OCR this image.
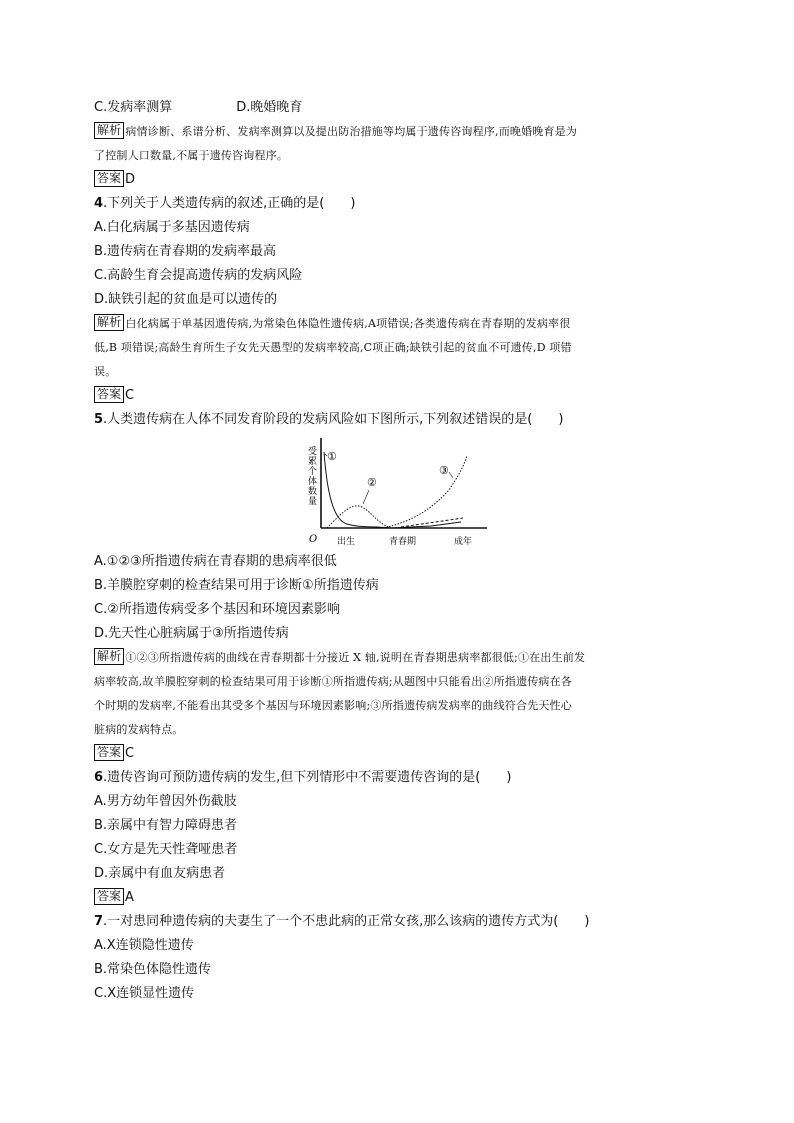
C.发病率测算	D.晚婚晚育
解析 病情诊断、系谱分析、发病率测算以及提出防治措施等均属于遗传咨询程序,而晚婚晚育是为
了控制人口数量,不属于遗传咨询程序。
答案 D
4.下列关于人类遗传病的叙述,正确的是(　　)
A.白化病属于多基因遗传病
B.遗传病在青春期的发病率最高
C.高龄生育会提高遗传病的发病风险
D.缺铁引起的贫血是可以遗传的
解析 白化病属于单基因遗传病,为常染色体隐性遗传病,A项错误;各类遗传病在青春期的发病率很
低,B 项错误;高龄生育所生子女先天愚型的发病率较高,C项正确;缺铁引起的贫血不可遗传,D 项错
误。
答案 C
5.人类遗传病在人体不同发育阶段的发病风险如下图所示,下列叙述错误的是(　　)
受累个体数量
O 出生	青春期	成年
①
②
③
A.①②③所指遗传病在青春期的患病率很低
B.羊膜腔穿刺的检查结果可用于诊断①所指遗传病
C.②所指遗传病受多个基因和环境因素影响
D.先天性心脏病属于③所指遗传病
解析 ①②③所指遗传病的曲线在青春期都十分接近 X 轴,说明在青春期患病率都很低;①在出生前发
病率较高,故羊膜腔穿刺的检查结果可用于诊断①所指遗传病;从题图中只能看出②所指遗传病在各
个时期的发病率,不能看出其受多个基因与环境因素影响;③所指遗传病发病率的曲线符合先天性心
脏病的发病特点。
答案 C
6.遗传咨询可预防遗传病的发生,但下列情形中不需要遗传咨询的是(　　)
A.男方幼年曾因外伤截肢
B.亲属中有智力障碍患者
C.女方是先天性聋哑患者
D.亲属中有血友病患者
答案 A
7.一对患同种遗传病的夫妻生了一个不患此病的正常女孩,那么该病的遗传方式为(　　)
A.X连锁隐性遗传
B.常染色体隐性遗传
C.X连锁显性遗传
